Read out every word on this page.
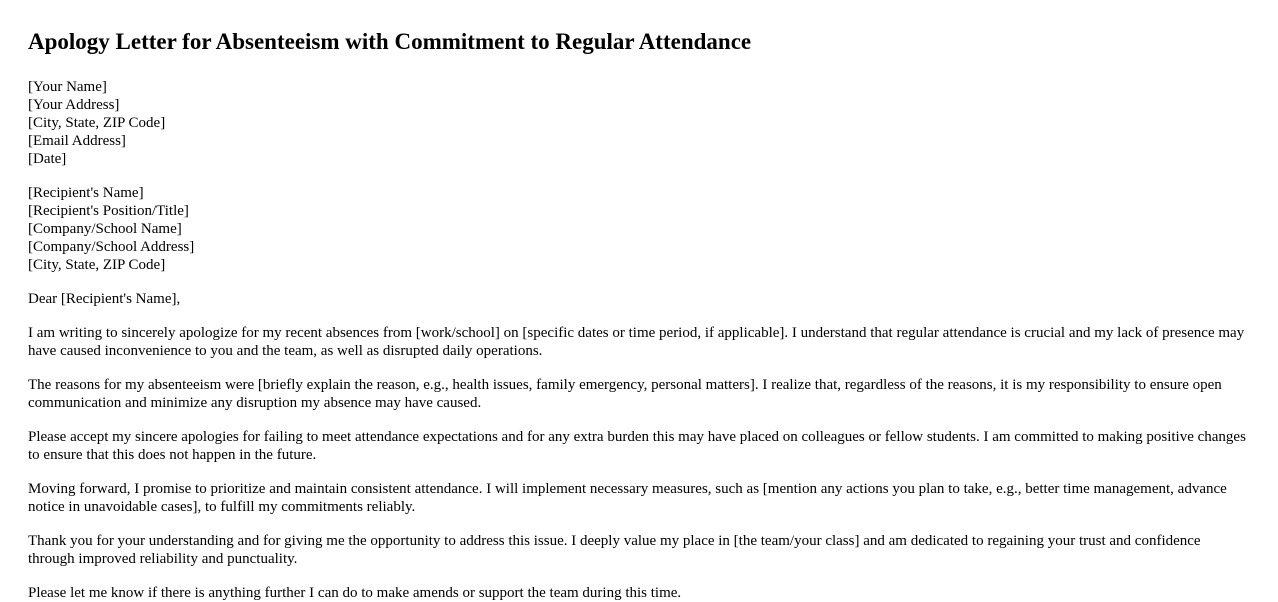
Apology Letter for Absenteeism with Commitment to Regular Attendance
[Your Name]
[Your Address]
[City, State, ZIP Code]
[Email Address]
[Date]
[Recipient's Name]
[Recipient's Position/Title]
[Company/School Name]
[Company/School Address]
[City, State, ZIP Code]

Dear [Recipient's Name],

I am writing to sincerely apologize for my recent absences from [work/school] on [specific dates or time period, if applicable]. I understand that regular attendance is crucial and my lack of presence may have caused inconvenience to you and the team, as well as disrupted daily operations.

The reasons for my absenteeism were [briefly explain the reason, e.g., health issues, family emergency, personal matters]. I realize that, regardless of the reasons, it is my responsibility to ensure open communication and minimize any disruption my absence may have caused.

Please accept my sincere apologies for failing to meet attendance expectations and for any extra burden this may have placed on colleagues or fellow students. I am committed to making positive changes to ensure that this does not happen in the future.

Moving forward, I promise to prioritize and maintain consistent attendance. I will implement necessary measures, such as [mention any actions you plan to take, e.g., better time management, advance notice in unavoidable cases], to fulfill my commitments reliably.

Thank you for your understanding and for giving me the opportunity to address this issue. I deeply value my place in [the team/your class] and am dedicated to regaining your trust and confidence through improved reliability and punctuality.

Please let me know if there is anything further I can do to make amends or support the team during this time.
